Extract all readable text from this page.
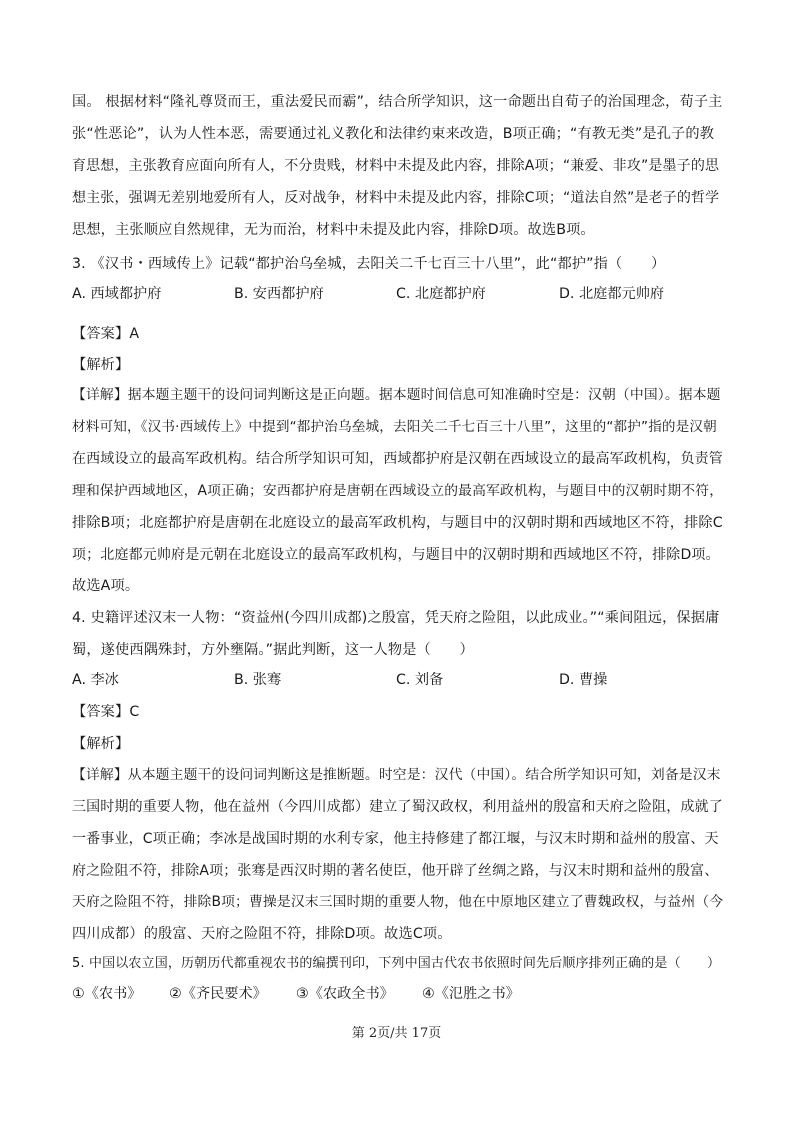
国。 根据材料“隆礼尊贤而王，重法爱民而霸”，结合所学知识，这一命题出自荀子的治国理念，荀子主
张“性恶论”，认为人性本恶，需要通过礼义教化和法律约束来改造，B项正确；“有教无类”是孔子的教
育思想，主张教育应面向所有人，不分贵贱，材料中未提及此内容，排除A项；“兼爱、非攻”是墨子的思
想主张，强调无差别地爱所有人，反对战争，材料中未提及此内容，排除C项；“道法自然”是老子的哲学
思想，主张顺应自然规律，无为而治，材料中未提及此内容，排除D项。故选B项。
3. 《汉书・西域传上》记载“都护治乌垒城，去阳关二千七百三十八里”，此“都护”指（　　）
A. 西域都护府	B. 安西都护府	C. 北庭都护府	D. 北庭都元帅府
【答案】A
【解析】
【详解】据本题主题干的设问词判断这是正向题。据本题时间信息可知准确时空是：汉朝（中国）。据本题
材料可知，《汉书·西域传上》中提到“都护治乌垒城，去阳关二千七百三十八里”，这里的“都护”指的是汉朝
在西域设立的最高军政机构。结合所学知识可知，西域都护府是汉朝在西域设立的最高军政机构，负责管
理和保护西域地区，A项正确；安西都护府是唐朝在西域设立的最高军政机构，与题目中的汉朝时期不符，
排除B项；北庭都护府是唐朝在北庭设立的最高军政机构，与题目中的汉朝时期和西域地区不符，排除C
项；北庭都元帅府是元朝在北庭设立的最高军政机构，与题目中的汉朝时期和西域地区不符，排除D项。
故选A项。
4. 史籍评述汉末一人物：“资益州(今四川成都)之殷富，凭天府之险阻，以此成业。”“乘间阻远，保据庸
蜀，遂使西隅殊封，方外壅隔。”据此判断，这一人物是（　　）
A. 李冰	B. 张骞	C. 刘备	D. 曹操
【答案】C
【解析】
【详解】从本题主题干的设问词判断这是推断题。时空是：汉代（中国）。结合所学知识可知，刘备是汉末
三国时期的重要人物，他在益州（今四川成都）建立了蜀汉政权，利用益州的殷富和天府之险阻，成就了
一番事业，C项正确；李冰是战国时期的水利专家，他主持修建了都江堰，与汉末时期和益州的殷富、天
府之险阻不符，排除A项；张骞是西汉时期的著名使臣，他开辟了丝绸之路，与汉末时期和益州的殷富、
天府之险阻不符，排除B项；曹操是汉末三国时期的重要人物，他在中原地区建立了曹魏政权，与益州（今
四川成都）的殷富、天府之险阻不符，排除D项。故选C项。
5. 中国以农立国，历朝历代都重视农书的编撰刊印，下列中国古代农书依照时间先后顺序排列正确的是（　　）
①《农书》 ②《齐民要术》 ③《农政全书》 ④《氾胜之书》
第 2页/共 17页
